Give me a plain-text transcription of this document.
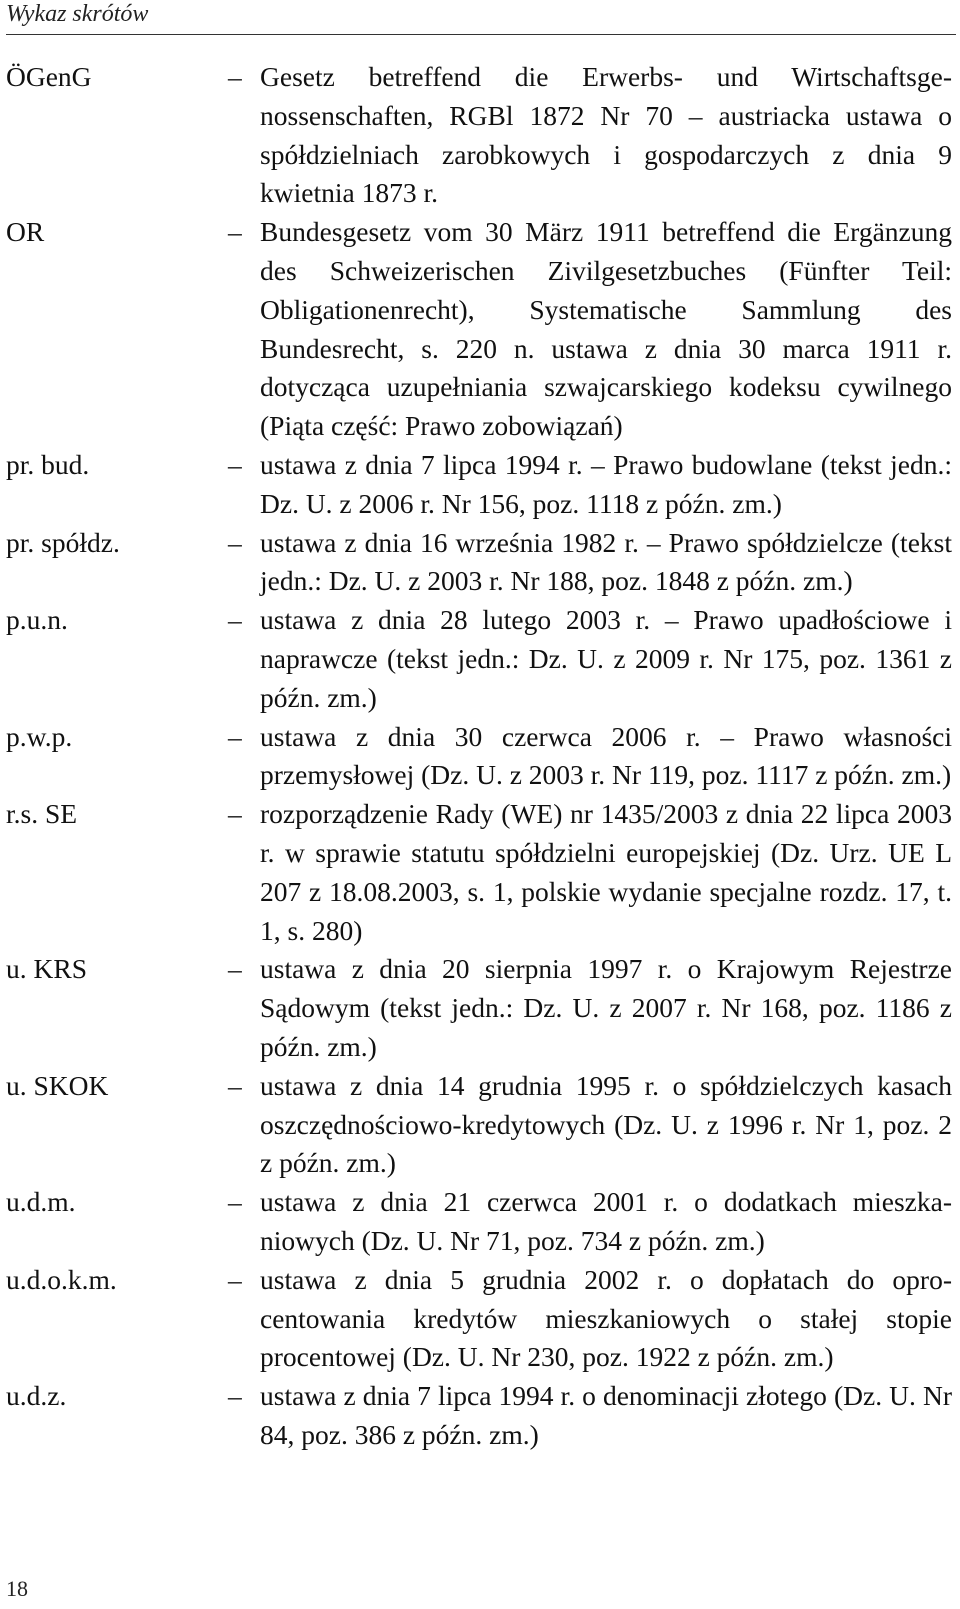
Wykaz skrótów
ÖGenG	– Gesetz betreffend die Erwerbs- und Wirtschaftsgenossenschaften, RGBl 1872 Nr 70 – austriacka ustawa o spółdzielniach zarobkowych i gospodarczych z dnia 9 kwietnia 1873 r.
OR	– Bundesgesetz vom 30 März 1911 betreffend die Ergänzung des Schweizerischen Zivilgesetzbuches (Fünfter Teil: Obligationenrecht), Systematische Sammlung des Bundesrecht, s. 220 n. ustawa z dnia 30 marca 1911 r. dotycząca uzupełniania szwajcarskiego kodeksu cywilnego (Piąta część: Prawo zobowiązań)
pr. bud.	– ustawa z dnia 7 lipca 1994 r. – Prawo budowlane (tekst jedn.: Dz. U. z 2006 r. Nr 156, poz. 1118 z późn. zm.)
pr. spółdz.	– ustawa z dnia 16 września 1982 r. – Prawo spółdzielcze (tekst jedn.: Dz. U. z 2003 r. Nr 188, poz. 1848 z późn. zm.)
p.u.n.	– ustawa z dnia 28 lutego 2003 r. – Prawo upadłościowe i naprawcze (tekst jedn.: Dz. U. z 2009 r. Nr 175, poz. 1361 z późn. zm.)
p.w.p.	– ustawa z dnia 30 czerwca 2006 r. – Prawo własności przemysłowej (Dz. U. z 2003 r. Nr 119, poz. 1117 z późn. zm.)
r.s. SE	– rozporządzenie Rady (WE) nr 1435/2003 z dnia 22 lipca 2003 r. w sprawie statutu spółdzielni europejskiej (Dz. Urz. UE L 207 z 18.08.2003, s. 1, polskie wydanie specjalne rozdz. 17, t. 1, s. 280)
u. KRS	– ustawa z dnia 20 sierpnia 1997 r. o Krajowym Rejestrze Sądowym (tekst jedn.: Dz. U. z 2007 r. Nr 168, poz. 1186 z późn. zm.)
u. SKOK	– ustawa z dnia 14 grudnia 1995 r. o spółdzielczych kasach oszczędnościowo-kredytowych (Dz. U. z 1996 r. Nr 1, poz. 2 z późn. zm.)
u.d.m.	– ustawa z dnia 21 czerwca 2001 r. o dodatkach mieszkaniowych (Dz. U. Nr 71, poz. 734 z późn. zm.)
u.d.o.k.m.	– ustawa z dnia 5 grudnia 2002 r. o dopłatach do oprocentowania kredytów mieszkaniowych o stałej stopie procentowej (Dz. U. Nr 230, poz. 1922 z późn. zm.)
u.d.z.	– ustawa z dnia 7 lipca 1994 r. o denominacji złotego (Dz. U. Nr 84, poz. 386 z późn. zm.)
18
